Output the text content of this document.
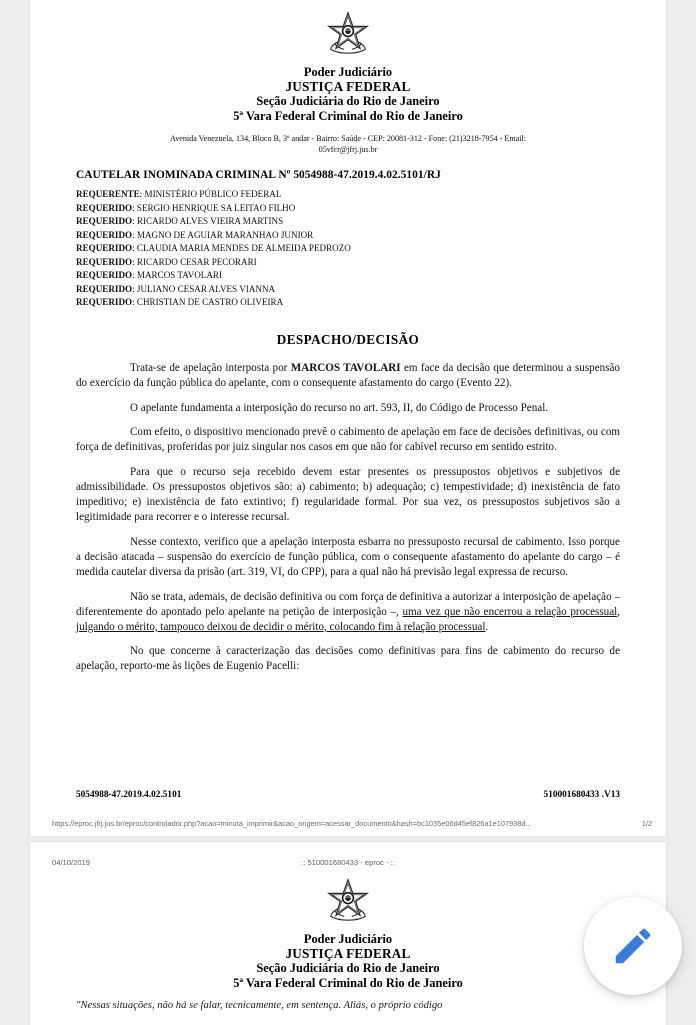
Poder Judiciário
JUSTIÇA FEDERAL
Seção Judiciária do Rio de Janeiro
5ª Vara Federal Criminal do Rio de Janeiro
Avenida Venezuela, 134, Bloco B, 3º andar - Bairro: Saúde - CEP: 20081-312 - Fone: (21)3218-7954 - Email:
05vfcr@jfrj.jus.br
CAUTELAR INOMINADA CRIMINAL Nº 5054988-47.2019.4.02.5101/RJ
REQUERENTE: MINISTÉRIO PÚBLICO FEDERAL
REQUERIDO: SERGIO HENRIQUE SA LEITAO FILHO
REQUERIDO: RICARDO ALVES VIEIRA MARTINS
REQUERIDO: MAGNO DE AGUIAR MARANHAO JUNIOR
REQUERIDO: CLAUDIA MARIA MENDES DE ALMEIDA PEDROZO
REQUERIDO: RICARDO CESAR PECORARI
REQUERIDO: MARCOS TAVOLARI
REQUERIDO: JULIANO CESAR ALVES VIANNA
REQUERIDO: CHRISTIAN DE CASTRO OLIVEIRA
DESPACHO/DECISÃO

Trata-se de apelação interposta por MARCOS TAVOLARI em face da decisão que determinou a suspensão do exercício da função pública do apelante, com o consequente afastamento do cargo (Evento 22).

O apelante fundamenta a interposição do recurso no art. 593, II, do Código de Processo Penal.

Com efeito, o dispositivo mencionado prevê o cabimento de apelação em face de decisões definitivas, ou com força de definitivas, proferidas por juiz singular nos casos em que não for cabível recurso em sentido estrito.

Para que o recurso seja recebido devem estar presentes os pressupostos objetivos e subjetivos de admissibilidade. Os pressupostos objetivos são: a) cabimento; b) adequação; c) tempestividade; d) inexistência de fato impeditivo; e) inexistência de fato extintivo; f) regularidade formal. Por sua vez, os pressupostos subjetivos são a legitimidade para recorrer e o interesse recursal.

Nesse contexto, verifico que a apelação interposta esbarra no pressuposto recursal de cabimento. Isso porque a decisão atacada – suspensão do exercício de função pública, com o consequente afastamento do apelante do cargo – é medida cautelar diversa da prisão (art. 319, VI, do CPP), para a qual não há previsão legal expressa de recurso.

Não se trata, ademais, de decisão definitiva ou com força de definitiva a autorizar a interposição de apelação – diferentemente do apontado pelo apelante na petição de interposição –, uma vez que não encerrou a relação processual, julgando o mérito, tampouco deixou de decidir o mérito, colocando fim à relação processual.

No que concerne à caracterização das decisões como definitivas para fins de cabimento do recurso de apelação, reporto-me às lições de Eugenio Pacelli:

5054988-47.2019.4.02.5101	510001680433 .V13
https://eproc.jfrj.jus.br/eproc/controlador.php?acao=minuta_imprimir&acao_origem=acessar_documento&hash=bc1035e06d45ef826a1e107938d...	1/2
04/10/2019	:: 510001680433 - eproc - ::
Poder Judiciário
JUSTIÇA FEDERAL
Seção Judiciária do Rio de Janeiro
5ª Vara Federal Criminal do Rio de Janeiro

"Nessas situações, não há se falar, tecnicamente, em sentença. Aliás, o próprio código
